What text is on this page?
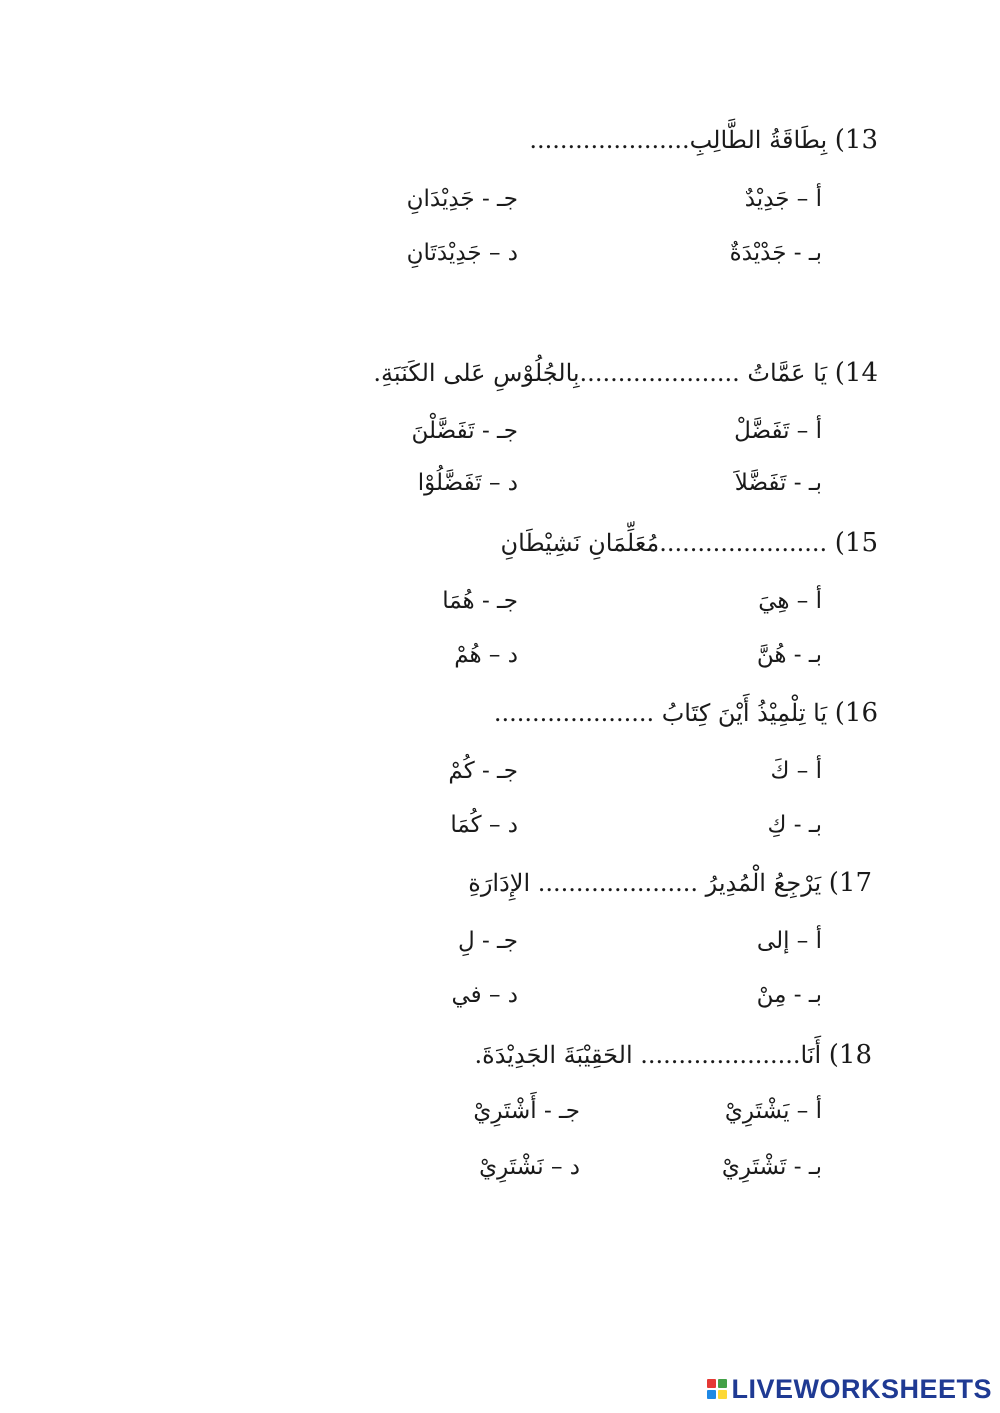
(13 بِطَاقَةُ الطَّالِبِ.....................
أ – جَدِيْدٌ
بـ - جَدْيْدَةٌ
جـ - جَدِيْدَانِ
د – جَدِيْدَتَانِ
(14 يَا عَمَّاتُ .....................بِالجُلُوْسِ عَلى الكَنَبَةِ.
أ – تَفَضَّلْ
بـ - تَفَضَّلاَ
جـ - تَفَضَّلْنَ
د – تَفَضَّلُوْا
(15 ......................مُعَلِّمَانِ نَشِيْطَانِ
أ – هِيَ
بـ - هُنَّ
جـ - هُمَا
د – هُمْ
(16 يَا تِلْمِيْذُ أَيْنَ كِتَابُ .....................
أ – كَ
بـ - كِ
جـ - كُمْ
د – كُمَا
(17 يَرْجِعُ الْمُدِيرُ ..................... الإِدَارَةِ
أ – إلى
بـ - مِنْ
جـ - لِ
د – في
(18 أَنَا..................... الحَقِيْبَةَ الجَدِيْدَةَ.
أ – يَشْتَرِيْ
بـ - تَشْتَرِيْ
جـ - أَشْتَرِيْ
د – نَشْتَرِيْ
LIVEWORKSHEETS
